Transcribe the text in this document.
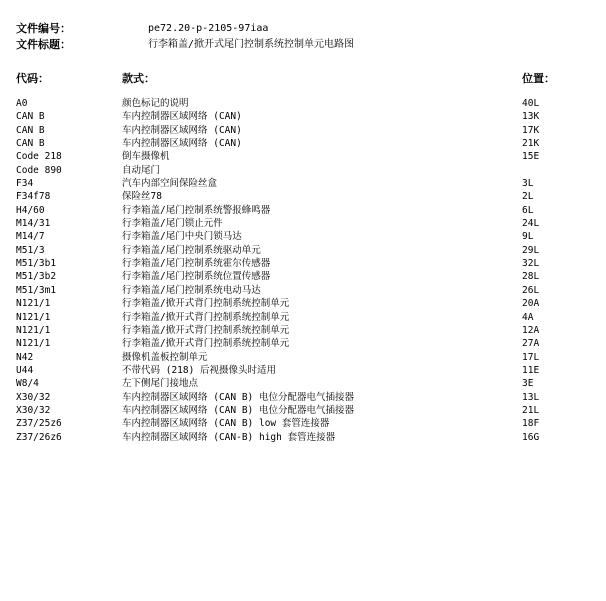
文件编号：	pe72.20-p-2105-97iaa
文件标题：	行李箱盖/掀开式尾门控制系统控制单元电路图
代码：	款式：	位置：
A0	颜色标记的说明	40L
CAN B	车内控制器区域网络 (CAN)	13K
CAN B	车内控制器区域网络 (CAN)	17K
CAN B	车内控制器区域网络 (CAN)	21K
Code 218	倒车摄像机	15E
Code 890	自动尾门
F34	汽车内部空间保险丝盒	3L
F34f78	保险丝78	2L
H4/60	行李箱盖/尾门控制系统警报蜂鸣器	6L
M14/31	行李箱盖/尾门锁止元件	24L
M14/7	行李箱盖/尾门中央门锁马达	9L
M51/3	行李箱盖/尾门控制系统驱动单元	29L
M51/3b1	行李箱盖/尾门控制系统霍尔传感器	32L
M51/3b2	行李箱盖/尾门控制系统位置传感器	28L
M51/3m1	行李箱盖/尾门控制系统电动马达	26L
N121/1	行李箱盖/掀开式背门控制系统控制单元	20A
N121/1	行李箱盖/掀开式背门控制系统控制单元	4A
N121/1	行李箱盖/掀开式背门控制系统控制单元	12A
N121/1	行李箱盖/掀开式背门控制系统控制单元	27A
N42	摄像机盖板控制单元	17L
U44	不带代码 (218) 后视摄像头时适用	11E
W8/4	左下侧尾门接地点	3E
X30/32	车内控制器区域网络 (CAN B) 电位分配器电气插接器	13L
X30/32	车内控制器区域网络 (CAN B) 电位分配器电气插接器	21L
Z37/25z6	车内控制器区域网络 (CAN B) low 套管连接器	18F
Z37/26z6	车内控制器区域网络 (CAN-B) high 套管连接器	16G
